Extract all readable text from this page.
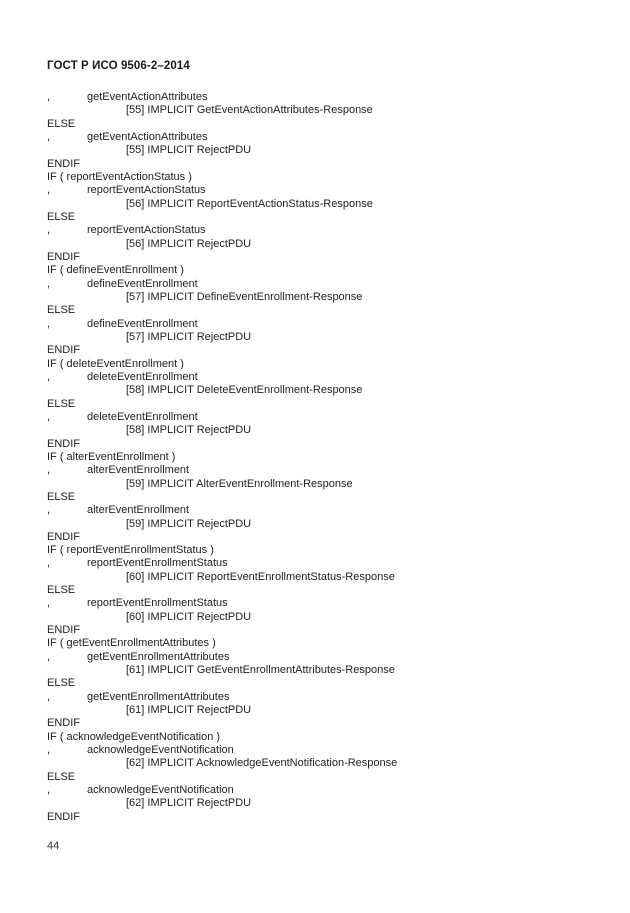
ГОСТ Р ИСО 9506-2–2014
,	getEventActionAttributes
[55] IMPLICIT GetEventActionAttributes-Response
ELSE
,	getEventActionAttributes
[55] IMPLICIT RejectPDU
ENDIF
IF ( reportEventActionStatus )
,	reportEventActionStatus
[56] IMPLICIT ReportEventActionStatus-Response
ELSE
,	reportEventActionStatus
[56] IMPLICIT RejectPDU
ENDIF
IF ( defineEventEnrollment )
,	defineEventEnrollment
[57] IMPLICIT DefineEventEnrollment-Response
ELSE
,	defineEventEnrollment
[57] IMPLICIT RejectPDU
ENDIF
IF ( deleteEventEnrollment )
,	deleteEventEnrollment
[58] IMPLICIT DeleteEventEnrollment-Response
ELSE
,	deleteEventEnrollment
[58] IMPLICIT RejectPDU
ENDIF
IF ( alterEventEnrollment )
,	alterEventEnrollment
[59] IMPLICIT AlterEventEnrollment-Response
ELSE
,	alterEventEnrollment
[59] IMPLICIT RejectPDU
ENDIF
IF ( reportEventEnrollmentStatus )
,	reportEventEnrollmentStatus
[60] IMPLICIT ReportEventEnrollmentStatus-Response
ELSE
,	reportEventEnrollmentStatus
[60] IMPLICIT RejectPDU
ENDIF
IF ( getEventEnrollmentAttributes )
,	getEventEnrollmentAttributes
[61] IMPLICIT GetEventEnrollmentAttributes-Response
ELSE
,	getEventEnrollmentAttributes
[61] IMPLICIT RejectPDU
ENDIF
IF ( acknowledgeEventNotification )
,	acknowledgeEventNotification
[62] IMPLICIT AcknowledgeEventNotification-Response
ELSE
,	acknowledgeEventNotification
[62] IMPLICIT RejectPDU
ENDIF
44
